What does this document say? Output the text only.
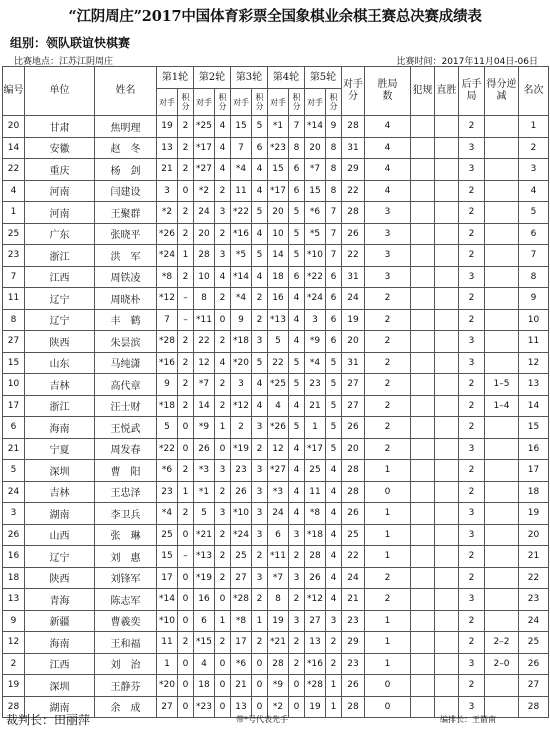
“江阴周庄”2017中国体育彩票全国象棋业余棋王赛总决赛成绩表
组别：领队联谊快棋赛
比赛地点：江苏江阴周庄	比赛时间：2017年11月04日-06日
编号	单位	姓名	第1轮		第2轮		第3轮		第4轮		第5轮		对手分	胜局数	犯规	直胜	后手局	得分逆减	名次
			对手	积分	对手	积分	对手	积分	对手	积分	对手	积分							
20	甘肃	焦明理	19	2	*25	4	15	5	*1	7	*14	9	28	4			2		1
14	安徽	赵　冬	13	2	*17	4	7	6	*23	8	20	8	31	4			3		2
22	重庆	杨　剑	21	2	*27	4	*4	4	15	6	*7	8	29	4			3		3
4	河南	闫建设	3	0	*2	2	11	4	*17	6	15	8	22	4			2		4
1	河南	王聚群	*2	2	24	3	*22	5	20	5	*6	7	28	3			2		5
25	广东	张晓平	*26	2	20	2	*16	4	10	5	*5	7	26	3			2		6
23	浙江	洪　军	*24	1	28	3	*5	5	14	5	*10	7	22	3			2		7
7	江西	周铁凌	*8	2	10	4	*14	4	18	6	*22	6	31	3			3		8
11	辽宁	周晓朴	*12	–	8	2	*4	2	16	4	*24	6	24	2			2		9
8	辽宁	丰　鹤	7	–	*11	0	9	2	*13	4	3	6	19	2			2		10
27	陕西	朱昙滨	*28	2	22	2	*18	3	5	4	*9	6	20	2			3		11
15	山东	马纯潇	*16	2	12	4	*20	5	22	5	*4	5	31	2			3		12
10	吉林	高代章	9	2	*7	2	3	4	*25	5	23	5	27	2			2	1–5	13
17	浙江	汪士财	*18	2	14	2	*12	4	4	4	21	5	27	2			2	1–4	14
6	海南	王悦武	5	0	*9	1	2	3	*26	5	1	5	26	2			2		15
21	宁夏	周发春	*22	0	26	0	*19	2	12	4	*17	5	20	2			3		16
5	深圳	曹　阳	*6	2	*3	3	23	3	*27	4	25	4	28	1			2		17
24	吉林	王忠泽	23	1	*1	2	26	3	*3	4	11	4	28	0			2		18
3	湖南	李卫兵	*4	2	5	3	*10	3	24	4	*8	4	26	1			3		19
26	山西	张　琳	25	0	*21	2	*24	3	6	3	*18	4	25	1			3		20
16	辽宁	刘　惠	15	–	*13	2	25	2	*11	2	28	4	22	1			2		21
18	陕西	刘锋军	17	0	*19	2	27	3	*7	3	26	4	24	2			2		22
13	青海	陈志军	*14	0	16	0	*28	2	8	2	*12	4	21	2			3		23
9	新疆	曹羲奕	*10	0	6	1	*8	1	19	3	27	3	23	1			2		24
12	海南	王和福	11	2	*15	2	17	2	*21	2	13	2	29	1			2	2–2	25
2	江西	刘　治	1	0	4	0	*6	0	28	2	*16	2	23	1			3	2–0	26
19	深圳	王静芬	*20	0	18	0	21	0	*9	0	*28	1	26	0			2		27
28	湖南	余　成	27	0	*23	0	13	0	*2	0	19	1	28	0			3		28
裁判长：田丽萍	带*号代表先手	编排长：王箭南
